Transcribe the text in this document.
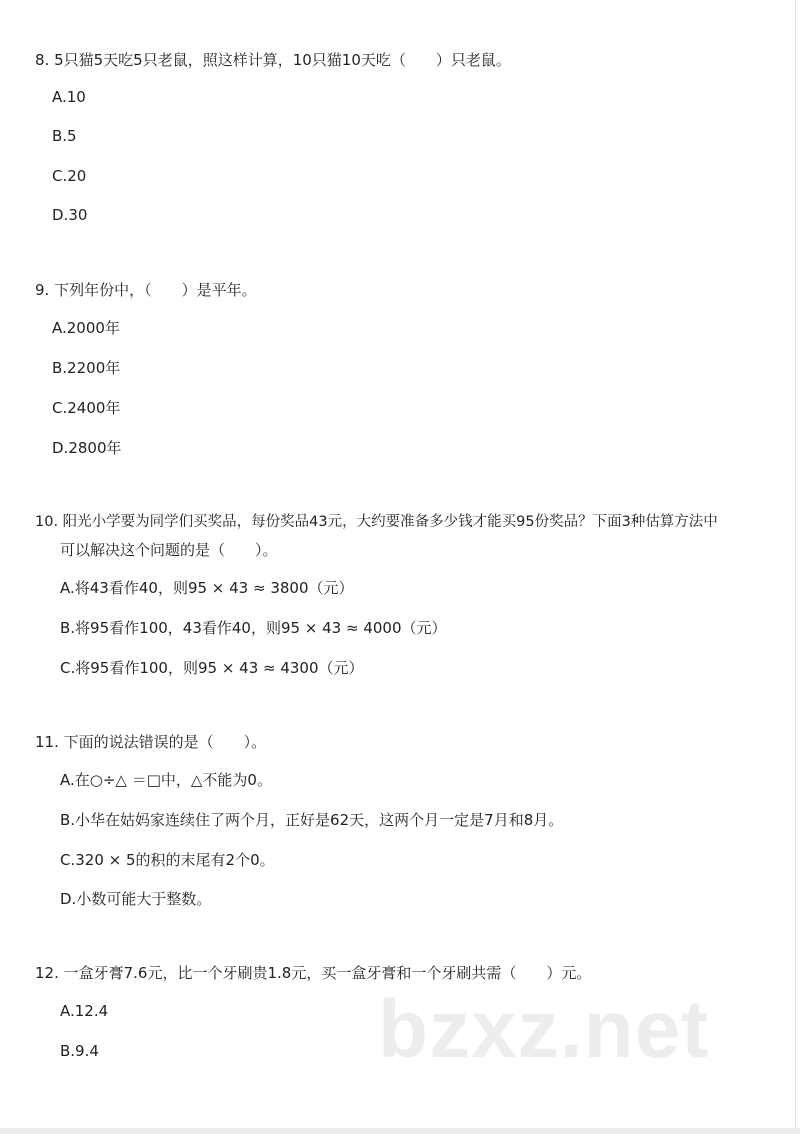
bzxz.net
8. 5只猫5天吃5只老鼠，照这样计算，10只猫10天吃（　　）只老鼠。
A.10
B.5
C.20
D.30
9. 下列年份中，（　　）是平年。
A.2000年
B.2200年
C.2400年
D.2800年
10. 阳光小学要为同学们买奖品，每份奖品43元，大约要准备多少钱才能买95份奖品？下面3种估算方法中
可以解决这个问题的是（　　）。
A.将43看作40，则95 × 43 ≈ 3800（元）
B.将95看作100，43看作40，则95 × 43 ≈ 4000（元）
C.将95看作100，则95 × 43 ≈ 4300（元）
11. 下面的说法错误的是（　　）。
A.在○÷△ ＝□中，△不能为0。
B.小华在姑妈家连续住了两个月，正好是62天，这两个月一定是7月和8月。
C.320 × 5的积的末尾有2个0。
D.小数可能大于整数。
12. 一盒牙膏7.6元，比一个牙刷贵1.8元，买一盒牙膏和一个牙刷共需（　　）元。
A.12.4
B.9.4
